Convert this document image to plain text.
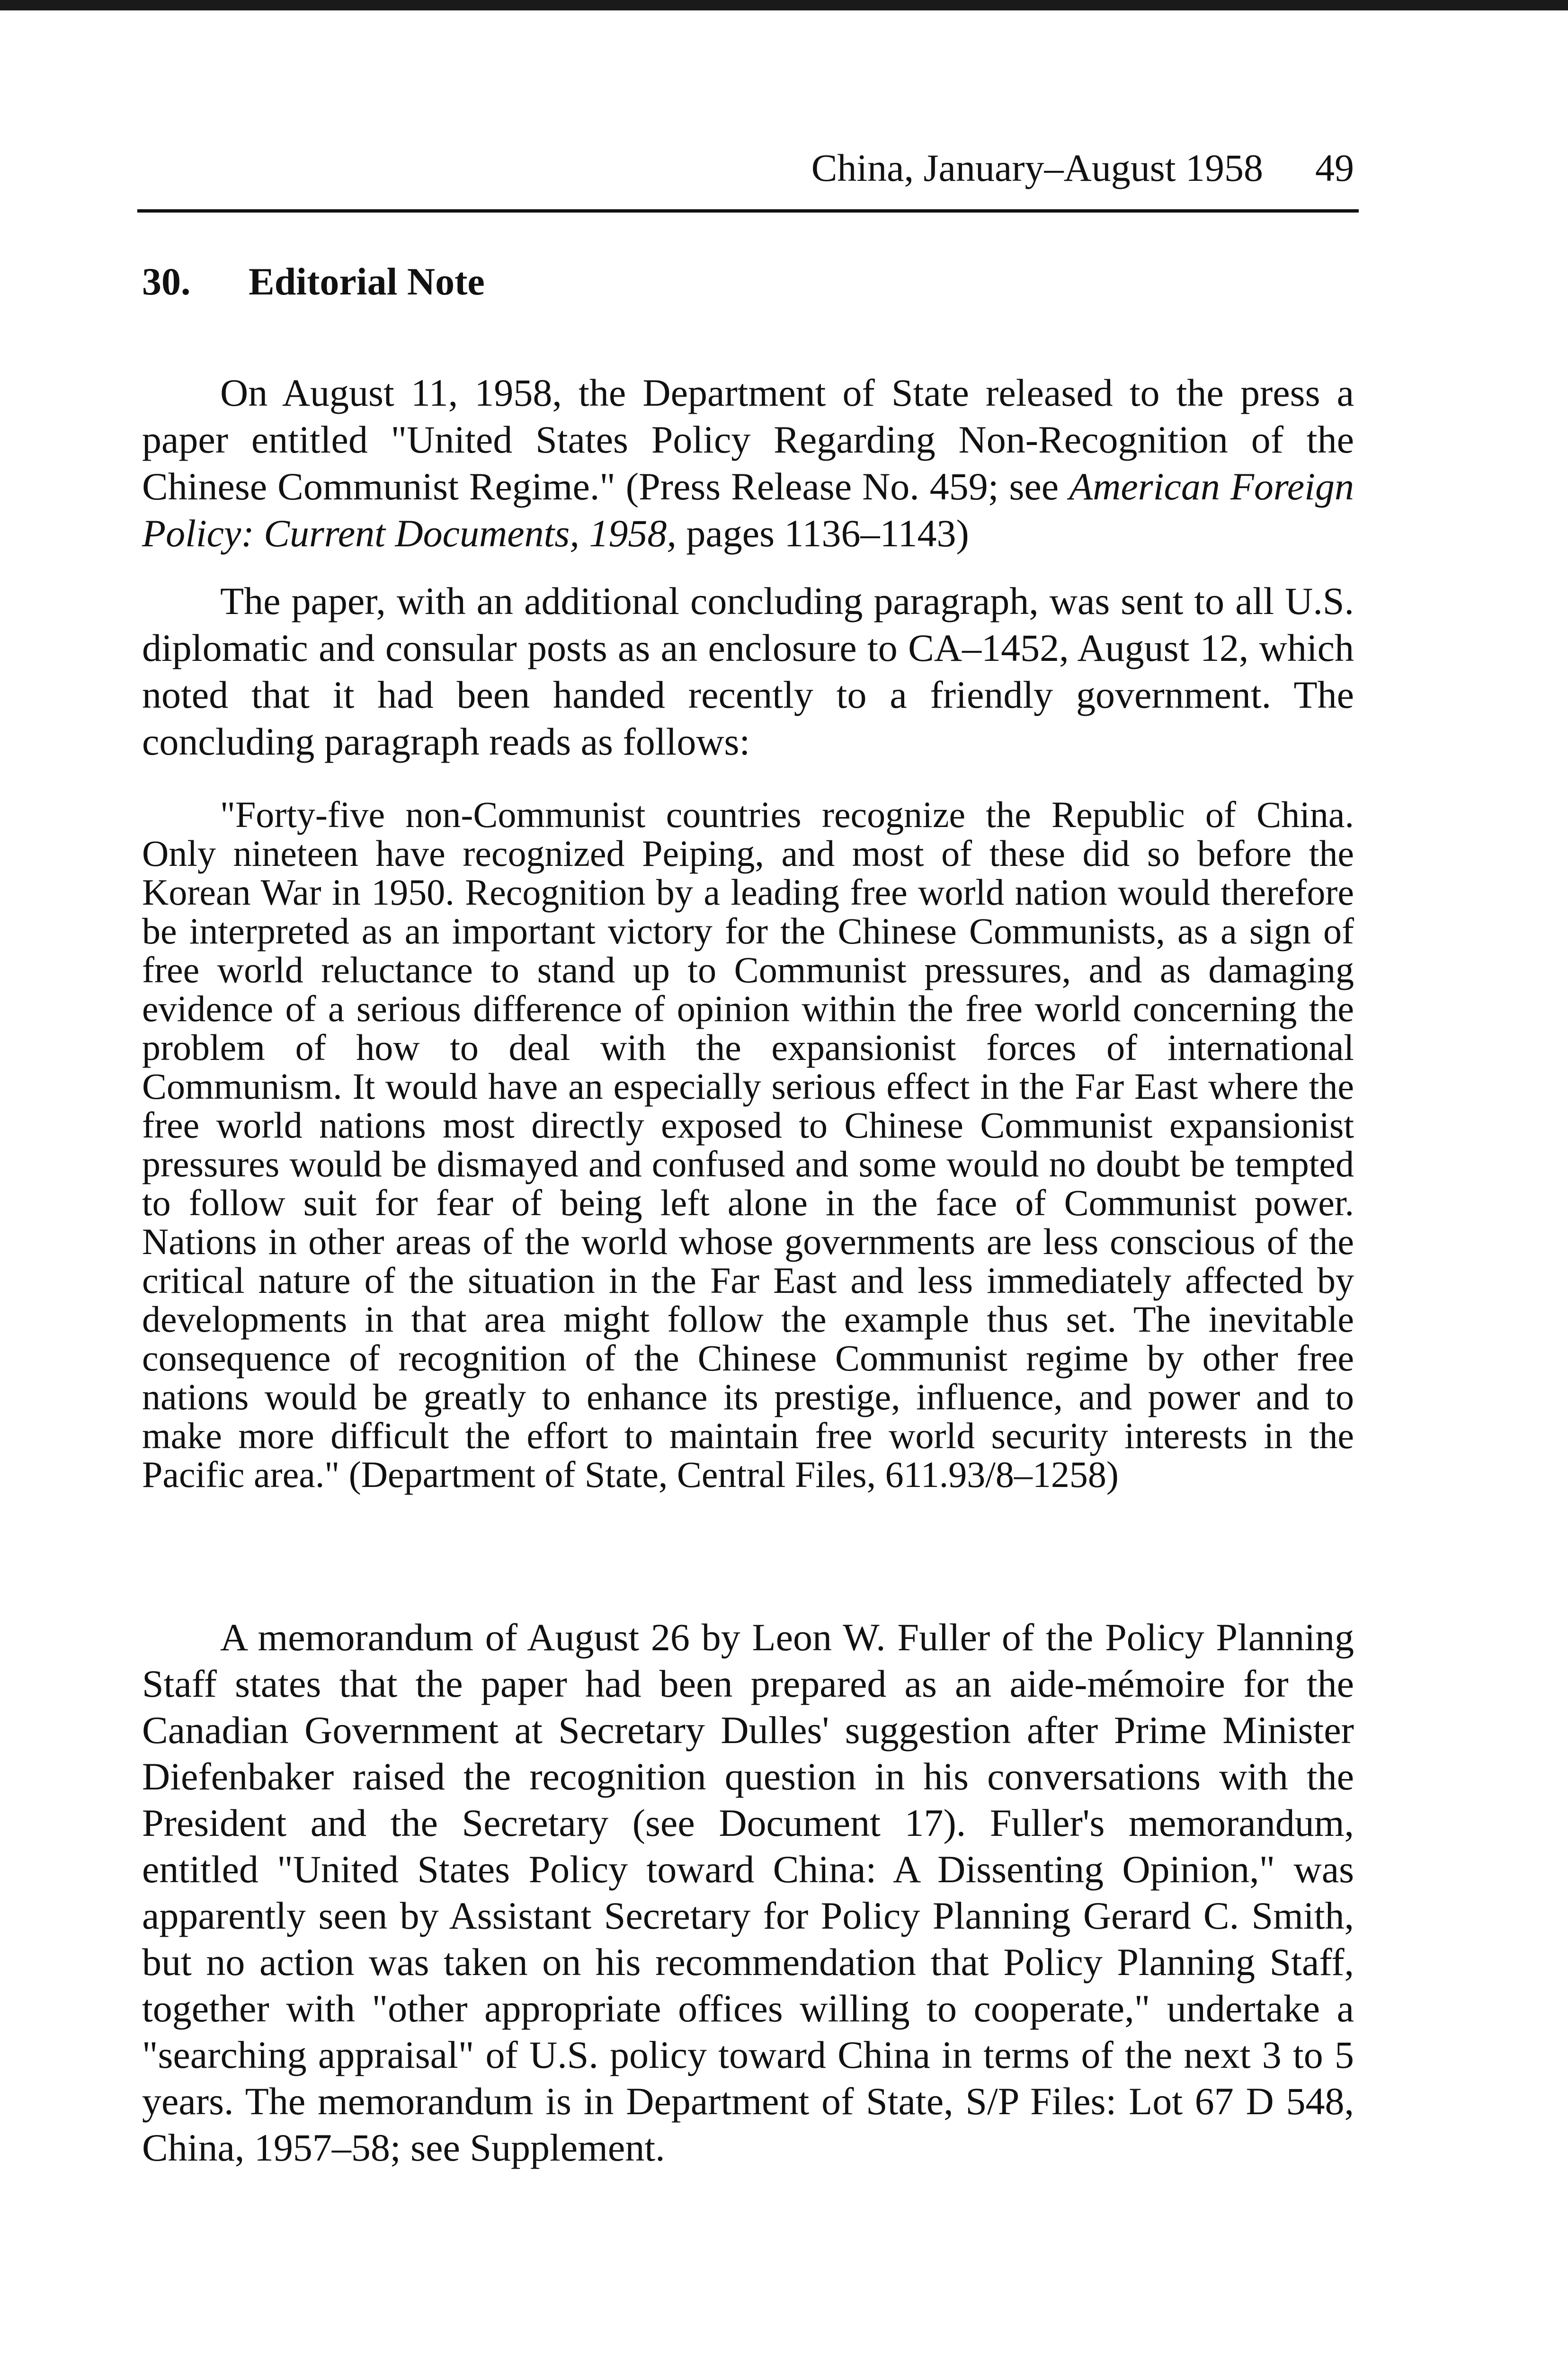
China, January–August 1958 49
30. Editorial Note

On August 11, 1958, the Department of State released to the press a paper entitled "United States Policy Regarding Non-Recognition of the Chinese Communist Regime." (Press Release No. 459; see American Foreign Policy: Current Documents, 1958, pages 1136–1143)

The paper, with an additional concluding paragraph, was sent to all U.S. diplomatic and consular posts as an enclosure to CA–1452, August 12, which noted that it had been handed recently to a friendly government. The concluding paragraph reads as follows:

"Forty-five non-Communist countries recognize the Republic of China. Only nineteen have recognized Peiping, and most of these did so before the Korean War in 1950. Recognition by a leading free world nation would therefore be interpreted as an important victory for the Chinese Communists, as a sign of free world reluctance to stand up to Communist pressures, and as damaging evidence of a serious difference of opinion within the free world concerning the problem of how to deal with the expansionist forces of international Communism. It would have an especially serious effect in the Far East where the free world nations most directly exposed to Chinese Communist expansionist pressures would be dismayed and confused and some would no doubt be tempted to follow suit for fear of being left alone in the face of Communist power. Nations in other areas of the world whose governments are less conscious of the critical nature of the situation in the Far East and less immediately affected by developments in that area might follow the example thus set. The inevitable consequence of recognition of the Chinese Communist regime by other free nations would be greatly to enhance its prestige, influence, and power and to make more difficult the effort to maintain free world security interests in the Pacific area." (Department of State, Central Files, 611.93/8–1258)

A memorandum of August 26 by Leon W. Fuller of the Policy Planning Staff states that the paper had been prepared as an aide-mémoire for the Canadian Government at Secretary Dulles' suggestion after Prime Minister Diefenbaker raised the recognition question in his conversations with the President and the Secretary (see Document 17). Fuller's memorandum, entitled "United States Policy toward China: A Dissenting Opinion," was apparently seen by Assistant Secretary for Policy Planning Gerard C. Smith, but no action was taken on his recommendation that Policy Planning Staff, together with "other appropriate offices willing to cooperate," undertake a "searching appraisal" of U.S. policy toward China in terms of the next 3 to 5 years. The memorandum is in Department of State, S/P Files: Lot 67 D 548, China, 1957–58; see Supplement.
